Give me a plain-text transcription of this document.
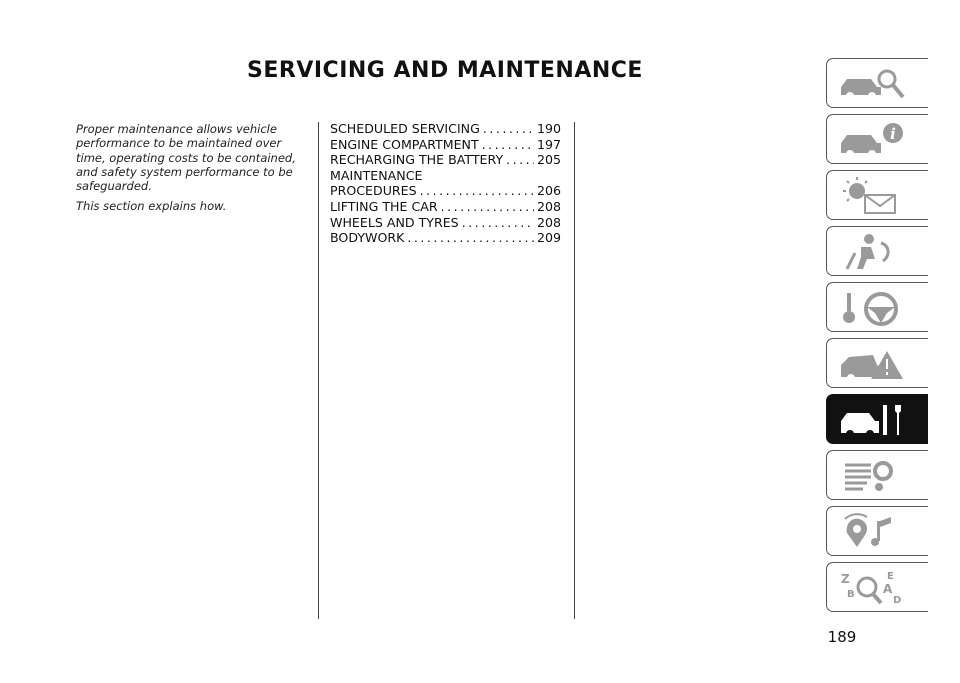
SERVICING AND MAINTENANCE

Proper maintenance allows vehicle performance to be maintained over time, operating costs to be contained, and safety system performance to be safeguarded.

This section explains how.

SCHEDULED SERVICING .....	190
ENGINE COMPARTMENT .....	197
RECHARGING THE BATTERY .....	205
MAINTENANCE
PROCEDURES .....	206
LIFTING THE CAR .....	208
WHEELS AND TYRES .....	208
BODYWORK .....	209
i
Z
B
E
A
D
189
